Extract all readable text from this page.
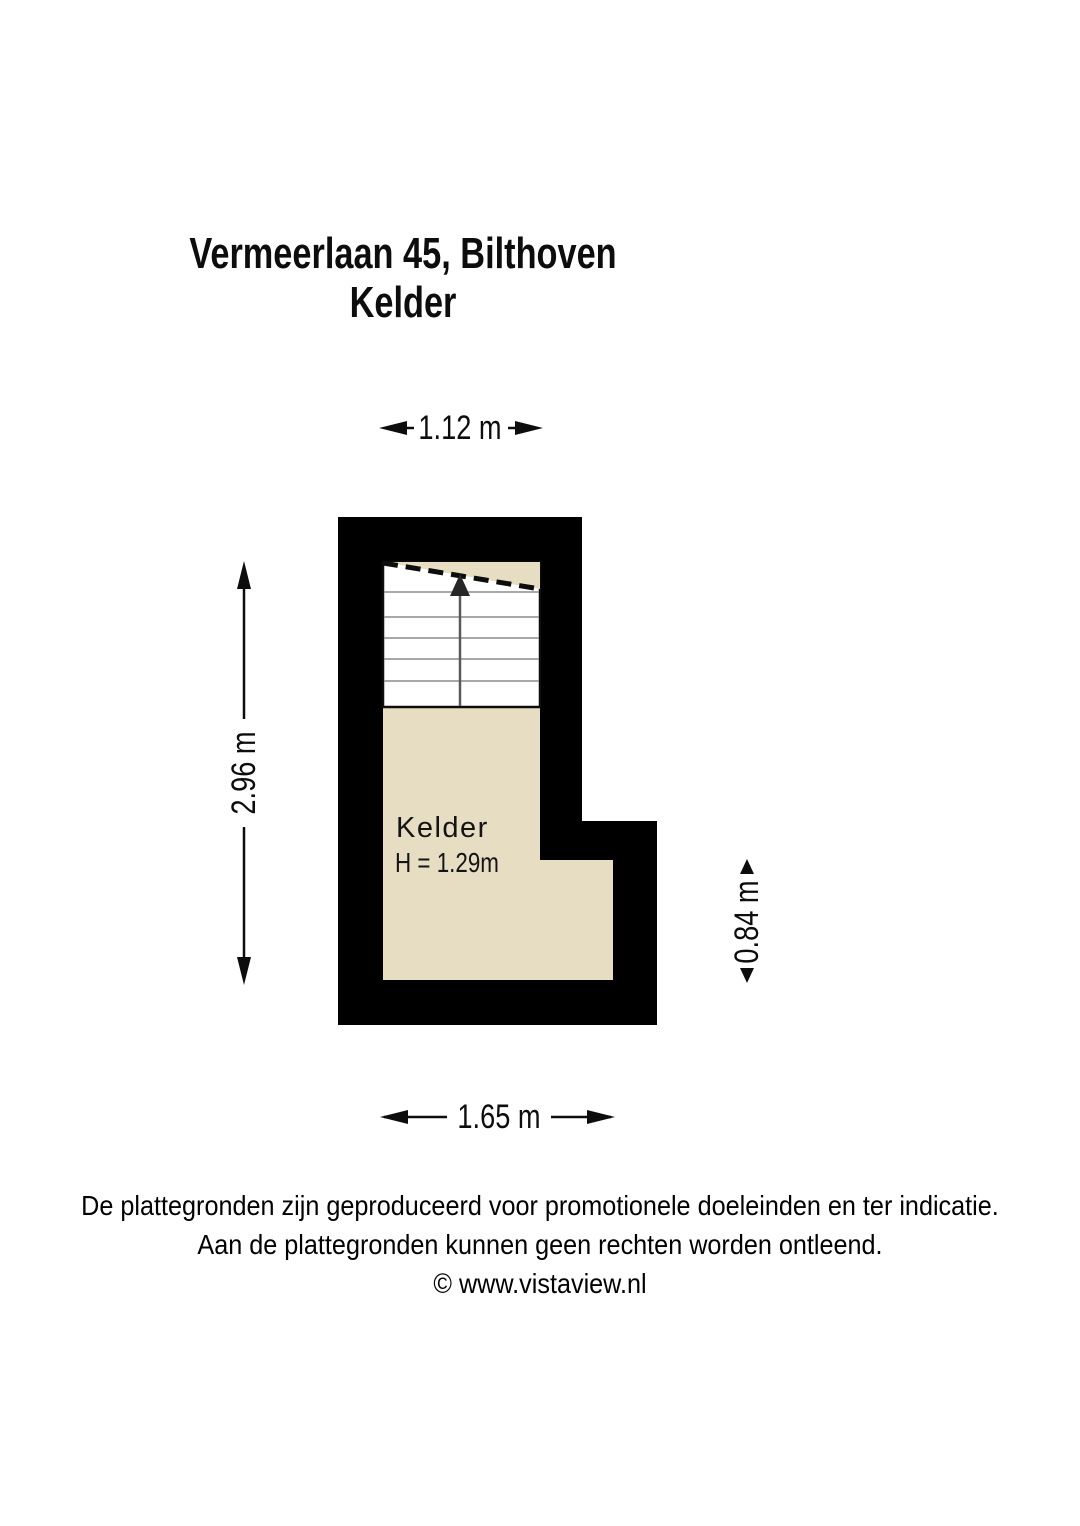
Vermeerlaan 45, Bilthoven
Kelder
1.12 m
2.96 m
0.84 m
1.65 m
Kelder
H = 1.29m
De plattegronden zijn geproduceerd voor promotionele doeleinden en ter indicatie.
Aan de plattegronden kunnen geen rechten worden ontleend.
© www.vistaview.nl
